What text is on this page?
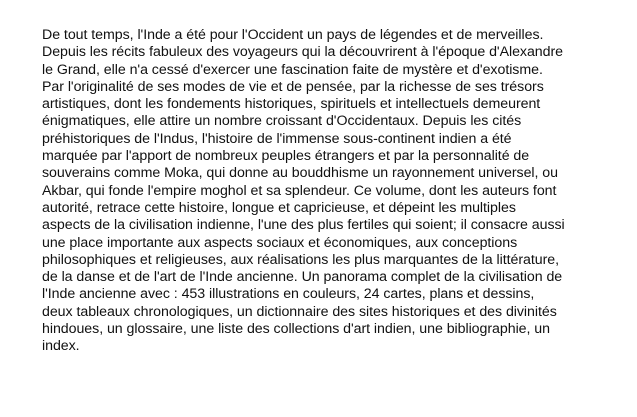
De tout temps, l'Inde a été pour l'Occident un pays de légendes et de merveilles.
Depuis les récits fabuleux des voyageurs qui la découvrirent à l'époque d'Alexandre
le Grand, elle n'a cessé d'exercer une fascination faite de mystère et d'exotisme.
Par l'originalité de ses modes de vie et de pensée, par la richesse de ses trésors
artistiques, dont les fondements historiques, spirituels et intellectuels demeurent
énigmatiques, elle attire un nombre croissant d'Occidentaux. Depuis les cités
préhistoriques de l'Indus, l'histoire de l'immense sous-continent indien a été
marquée par l'apport de nombreux peuples étrangers et par la personnalité de
souverains comme Moka, qui donne au bouddhisme un rayonnement universel, ou
Akbar, qui fonde l'empire moghol et sa splendeur. Ce volume, dont les auteurs font
autorité, retrace cette histoire, longue et capricieuse, et dépeint les multiples
aspects de la civilisation indienne, l'une des plus fertiles qui soient; il consacre aussi
une place importante aux aspects sociaux et économiques, aux conceptions
philosophiques et religieuses, aux réalisations les plus marquantes de la littérature,
de la danse et de l'art de l'Inde ancienne. Un panorama complet de la civilisation de
l'Inde ancienne avec : 453 illustrations en couleurs, 24 cartes, plans et dessins,
deux tableaux chronologiques, un dictionnaire des sites historiques et des divinités
hindoues, un glossaire, une liste des collections d'art indien, une bibliographie, un
index.
